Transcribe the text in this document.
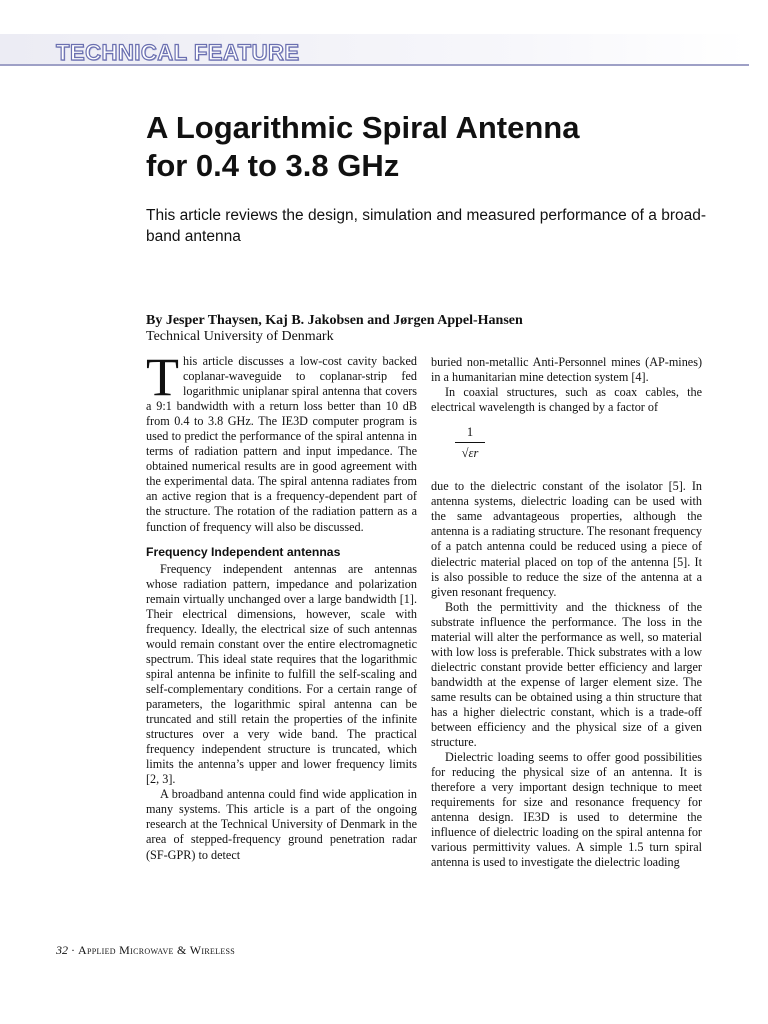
TECHNICAL FEATURE
A Logarithmic Spiral Antenna
for 0.4 to 3.8 GHz
This article reviews the design, simulation and measured performance of a broad-
band antenna
By Jesper Thaysen, Kaj B. Jakobsen and Jørgen Appel-Hansen
Technical University of Denmark

This article discusses a low-cost cavity backed coplanar-waveguide to coplanar-strip fed logarithmic uniplanar spiral antenna that covers a 9:1 bandwidth with a return loss better than 10 dB from 0.4 to 3.8 GHz. The IE3D computer program is used to predict the performance of the spiral antenna in terms of radiation pattern and input impedance. The obtained numerical results are in good agreement with the experimental data. The spiral antenna radiates from an active region that is a frequency-dependent part of the structure. The rotation of the radiation pattern as a function of frequency will also be discussed.

Frequency Independent antennas

Frequency independent antennas are antennas whose radiation pattern, impedance and polarization remain virtually unchanged over a large bandwidth [1]. Their electrical dimensions, however, scale with frequency. Ideally, the electrical size of such antennas would remain constant over the entire electromagnetic spectrum. This ideal state requires that the logarithmic spiral antenna be infinite to fulfill the self-scaling and self-complementary conditions. For a certain range of parameters, the logarithmic spiral antenna can be truncated and still retain the properties of the infinite structures over a very wide band. The practical frequency independent structure is truncated, which limits the antenna’s upper and lower frequency limits [2, 3].

A broadband antenna could find wide application in many systems. This article is a part of the ongoing research at the Technical University of Denmark in the area of stepped-frequency ground penetration radar (SF-GPR) to detect

buried non-metallic Anti-Personnel mines (AP-mines) in a humanitarian mine detection system [4].

In coaxial structures, such as coax cables, the electrical wavelength is changed by a factor of

1
√εr

due to the dielectric constant of the isolator [5]. In antenna systems, dielectric loading can be used with the same advantageous properties, although the antenna is a radiating structure. The resonant frequency of a patch antenna could be reduced using a piece of dielectric material placed on top of the antenna [5]. It is also possible to reduce the size of the antenna at a given resonant frequency.

Both the permittivity and the thickness of the substrate influence the performance. The loss in the material will alter the performance as well, so material with low loss is preferable. Thick substrates with a low dielectric constant provide better efficiency and larger bandwidth at the expense of larger element size. The same results can be obtained using a thin structure that has a higher dielectric constant, which is a trade-off between efficiency and the physical size of a given structure.

Dielectric loading seems to offer good possibilities for reducing the physical size of an antenna. It is therefore a very important design technique to meet requirements for size and resonance frequency for antenna design. IE3D is used to determine the influence of dielectric loading on the spiral antenna for various permittivity values. A simple 1.5 turn spiral antenna is used to investigate the dielectric loading

32 · Applied Microwave & Wireless
